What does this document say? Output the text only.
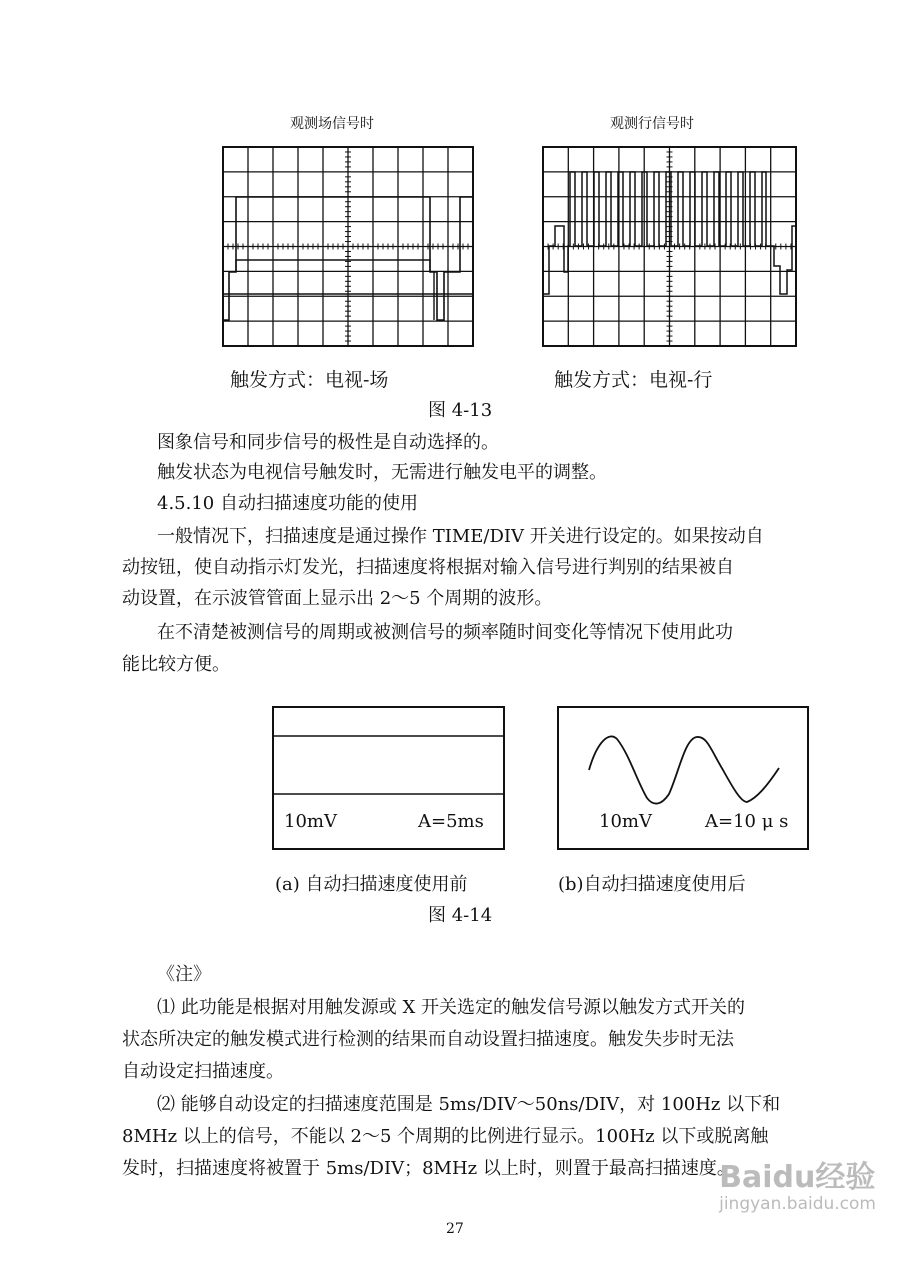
观测场信号时	观测行信号时
触发方式：电视-场	触发方式：电视-行
图 4-13
图象信号和同步信号的极性是自动选择的。
触发状态为电视信号触发时，无需进行触发电平的调整。
4.5.10 自动扫描速度功能的使用
一般情况下，扫描速度是通过操作 TIME/DIV 开关进行设定的。如果按动自
动按钮，使自动指示灯发光，扫描速度将根据对输入信号进行判别的结果被自
动设置，在示波管管面上显示出 2～5 个周期的波形。
在不清楚被测信号的周期或被测信号的频率随时间变化等情况下使用此功
能比较方便。
10mV	A=5ms	10mV	A=10 μ s
(a) 自动扫描速度使用前	(b)自动扫描速度使用后
图 4-14
《注》
⑴ 此功能是根据对用触发源或 X 开关选定的触发信号源以触发方式开关的
状态所决定的触发模式进行检测的结果而自动设置扫描速度。触发失步时无法
自动设定扫描速度。
⑵ 能够自动设定的扫描速度范围是 5ms/DIV～50ns/DIV，对 100Hz 以下和
8MHz 以上的信号，不能以 2～5 个周期的比例进行显示。100Hz 以下或脱离触
发时，扫描速度将被置于 5ms/DIV；8MHz 以上时，则置于最高扫描速度。
Baidu经验
jingyan.baidu.com
27
